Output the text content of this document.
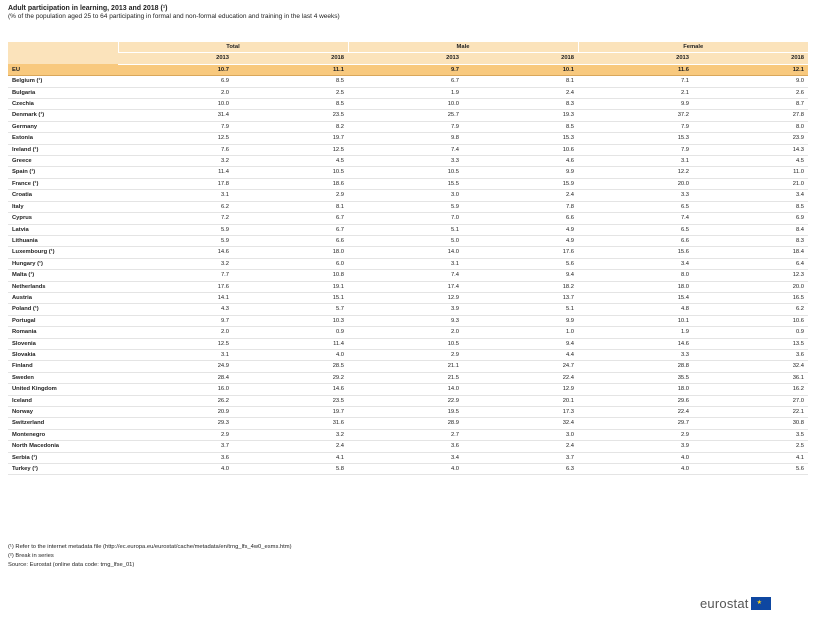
Adult participation in learning, 2013 and 2018 (¹)
(% of the population aged 25 to 64 participating in formal and non-formal education and training in the last 4 weeks)
	Total		Male		Female	
	2013	2018	2013	2018	2013	2018
EU	10.7	11.1	9.7	10.1	11.6	12.1
Belgium (¹)	6.9	8.5	6.7	8.1	7.1	9.0
Bulgaria	2.0	2.5	1.9	2.4	2.1	2.6
Czechia	10.0	8.5	10.0	8.3	9.9	8.7
Denmark (¹)	31.4	23.5	25.7	19.3	37.2	27.8
Germany	7.9	8.2	7.9	8.5	7.9	8.0
Estonia	12.5	19.7	9.8	15.3	15.3	23.9
Ireland (¹)	7.6	12.5	7.4	10.6	7.9	14.3
Greece	3.2	4.5	3.3	4.6	3.1	4.5
Spain (¹)	11.4	10.5	10.5	9.9	12.2	11.0
France (¹)	17.8	18.6	15.5	15.9	20.0	21.0
Croatia	3.1	2.9	3.0	2.4	3.3	3.4
Italy	6.2	8.1	5.9	7.8	6.5	8.5
Cyprus	7.2	6.7	7.0	6.6	7.4	6.9
Latvia	5.9	6.7	5.1	4.9	6.5	8.4
Lithuania	5.9	6.6	5.0	4.9	6.6	8.3
Luxembourg (¹)	14.6	18.0	14.0	17.6	15.6	18.4
Hungary (¹)	3.2	6.0	3.1	5.6	3.4	6.4
Malta (¹)	7.7	10.8	7.4	9.4	8.0	12.3
Netherlands	17.6	19.1	17.4	18.2	18.0	20.0
Austria	14.1	15.1	12.9	13.7	15.4	16.5
Poland (¹)	4.3	5.7	3.9	5.1	4.8	6.2
Portugal	9.7	10.3	9.3	9.9	10.1	10.6
Romania	2.0	0.9	2.0	1.0	1.9	0.9
Slovenia	12.5	11.4	10.5	9.4	14.6	13.5
Slovakia	3.1	4.0	2.9	4.4	3.3	3.6
Finland	24.9	28.5	21.1	24.7	28.8	32.4
Sweden	28.4	29.2	21.5	22.4	35.5	36.1
United Kingdom	16.0	14.6	14.0	12.9	18.0	16.2
Iceland	26.2	23.5	22.9	20.1	29.6	27.0
Norway	20.9	19.7	19.5	17.3	22.4	22.1
Switzerland	29.3	31.6	28.9	32.4	29.7	30.8
Montenegro	2.9	3.2	2.7	3.0	2.9	3.5
North Macedonia	3.7	2.4	3.6	2.4	3.9	2.5
Serbia (¹)	3.6	4.1	3.4	3.7	4.0	4.1
Turkey (¹)	4.0	5.8	4.0	6.3	4.0	5.6
(¹) Refer to the internet metadata file (http://ec.europa.eu/eurostat/cache/metadata/en/trng_lfs_4w0_esms.htm)
(²) Break in series
Source: Eurostat (online data code: trng_lfse_01)
eurostat ★
